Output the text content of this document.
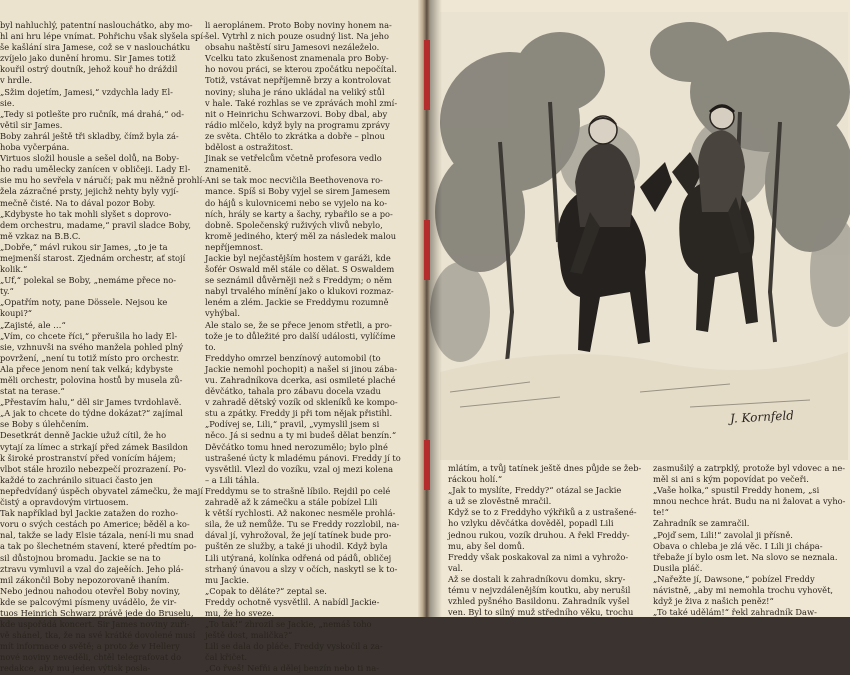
byl nahluchlý, patentní naslouchátko, aby mo-
hl ani hru lépe vnímat. Pohřichu však slyšela spí-
še kašlání sira Jamese, což se v naslouchátku
zvíjelo jako dunění hromu. Sir James totiž
kouřil ostrý doutník, jehož kouř ho dráždil
v hrdle.
„Sžim dojetím, Jamesi,“ vzdychla lady El-
sie.
„Tedy si potlešte pro ručník, má drahá,“ od-
větil sir James.
Boby zahrál ještě tři skladby, čímž byla zá-
hoba vyčerpána.
Virtuos složil housle a sešel dolů, na Boby-
ho radu umělecky zanícen v obličeji. Lady El-
sie mu ho sevřela v náručí; pak mu něžně prohlí-
žela zázračné prsty, jejichž nehty byly vyjí-
mečně čisté. Na to dával pozor Boby.
„Kdybyste ho tak mohli slyšet s doprovo-
dem orchestru, madame,“ pravil sladce Boby,
mě vzkaz na B.B.C.
„Dobře,“ mávl rukou sir James, „to je ta
mejmenší starost. Zjednám orchestr, ať stojí
kolik.“
„Uf,“ polekal se Boby, „nemáme přece no-
ty.“
„Opatřím noty, pane Dössele. Nejsou ke
koupi?“
„Zajisté, ale …“
„Vím, co chcete říci,“ přerušila ho lady El-
sie, vzhnuvši na svého manžela pohled plný
povržení, „není tu totiž místo pro orchestr.
Ala přece jenom není tak velká; kdybyste
měli orchestr, polovina hostů by musela zů-
stat na terase.“
„Přestavím halu,“ děl sir James tvrdohlavě.
„A jak to chcete do týdne dokázat?“ zajímal
se Boby s úlehčením.
Desetkrát denně Jackie užuž cítil, že ho
vytají za límec a strkají před zámek Basildon
k široké prostranství před vonícím hájem;
vlbot stále hrozilo nebezpečí prozrazení. Po-
každé to zachránilo situaci často jen
nepředvídaný úspěch obyvatel zámečku, že mají
čistý a opravdovým virtuosem.
Tak například byl Jackie zatažen do rozho-
voru o svých cestách po Americe; běděl a ko-
nal, takže se lady Elsie tázala, není-li mu snad
a tak po šlechetném stavení, které předtím po-
sil důstojnou bromadu. Jackie se na to
ztravu vymluvil a vzal do zajeěích. Jeho plá-
mil zákončil Boby nepozorovaně ihaním.
Nebo jednou nahodou otevřel Boby noviny,
kde se palcovými písmeny uvádělo, že vir-
tuos Heinrich Schwarz právě jede do Bruselu,
kde uspořádá koncert. Sir James noviny zuři-
vě shánel, tka, že na své krátké dovolené musí
mít informace o světě; a proto že v Hellery
nové noviny neveděli, chtěl telegrafovat do
redakce, aby mu jeden výtisk posla-
li aeroplánem. Proto Boby noviny honem na-
šel. Vytrhl z nich pouze osudný list. Na jeho
obsahu naštěstí siru Jamesovi nezáleželo.
Vcelku tato zkušenost znamenala pro Boby-
ho novou práci, se kterou zpočátku nepočítal.
Totiž, vstávat nepříjemně brzy a kontrolovat
noviny; sluha je ráno ukládal na veliký stůl
v hale. Také rozhlas se ve zprávách mohl zmí-
nit o Heinrichu Schwarzovi. Boby dbal, aby
rádio mlčelo, když byly na programu zprávy
ze světa. Chtělo to zkrátka a dobře – plnou
bdělost a ostražitost.
Jinak se vetřelcům včetně profesora vedlo
znamenitě.
Ani se tak moc necvičila Beethovenova ro-
mance. Spíš si Boby vyjel se sirem Jamesem
do hájů s kulovnicemi nebo se vyjelo na ko-
ních, hrály se karty a šachy, rybařilo se a po-
dobně. Společenský ruživých vlivů nebylo,
kromě jediného, který měl za následek malou
nepříjemnost.
Jackie byl nejčastějším hostem v garáži, kde
šofér Oswald měl stále co dělat. S Oswaldem
se seznámil důvěrněji než s Freddym; o něm
nabyl trvalého mínění jako o klukovi rozmaz-
leném a zlém. Jackie se Freddymu rozumně
vyhýbal.
Ale stalo se, že se přece jenom střetli, a pro-
tože je to důležité pro další události, vylíčíme
to.
Freddyho omrzel benzínový automobil (to
Jackie nemohl pochopit) a našel si jinou zába-
vu. Zahradníkova dcerka, asi osmileté plaché
děvčátko, tahala pro zábavu docela vzadu
v zahradě dětský vozík od skleníků ke kompo-
stu a zpátky. Freddy ji při tom nějak přistihl.
„Podívej se, Lili,“ pravil, „vymyslil jsem si
něco. Já si sednu a ty mi budeš dělat benzín.“
Děvčátko tomu hned nerozumělo; bylo plné
ustrašené úcty k mladému pánovi. Freddy jí to
vysvětlil. Vlezl do vozíku, vzal oj mezi kolena
– a Lili táhla.
Freddymu se to strašně líbilo. Rejdil po celé
zahradě až k zámečku a stále pobízel Lili
k větší rychlosti. Až nakonec nesměle prohlá-
sila, že už nemůže. Tu se Freddy rozzlobil, na-
dával jí, vyhrožoval, že její tatínek bude pro-
puštěn ze služby, a také ji uhodil. Když byla
Lili utýraná, kolínka odřená od pádů, obličej
strhaný únavou a slzy v očích, naskytl se k to-
mu Jackie.
„Copak to děláte?“ zeptal se.
Freddy ochotně vysvětlil. A nabídl Jackie-
mu, že ho sveze.
„To tak!“ zhrozil se Jackie, „nemáš toho
ještě dost, malička?“
Lili se dala do pláče. Freddy vyskočil a za-
čal křičet.
„Co řveš! Nefňi a dělej benzín nebo ti na-
J. Kornfeld
mlátím, a tvůj tatínek ještě dnes půjde se žeb-
ráckou holí.“
„Jak to myslíte, Freddy?“ otázal se Jackie
a už se zlověstně mračil.
Když se to z Freddyho výkřiků a z ustrašené-
ho vzlyku děvčátka dověděl, popadl Lili
jednou rukou, vozík druhou. A řekl Freddy-
mu, aby šel domů.
Freddy však poskakoval za nimi a vyhrožo-
val.
Až se dostali k zahradníkovu domku, skry-
tému v nejvzdálenějším koutku, aby nerušil
vzhled pyšného Basildonu. Zahradník vyšel
ven. Byl to silný muž středního věku, trochu
zasmušilý a zatrpklý, protože byl vdovec a ne-
měl si ani s kým popovídat po večeři.
„Vaše holka,“ spustil Freddy honem, „si
mnou nechce hrát. Budu na ni žalovat a vyho-
te!“
Zahradník se zamračil.
„Pojď sem, Lili!“ zavolal ji přísně.
Obava o chleba je zlá věc. I Lili ji chápa-
třebaže jí bylo osm let. Na slovo se neznala.
Dusila pláč.
„Nařežte jí, Dawsone,“ pobízel Freddy
návistně, „aby mi nemohla trochu vyhovět,
když je živa z našich peněz!“
„To také udělám!“ řekl zahradník Daw-
